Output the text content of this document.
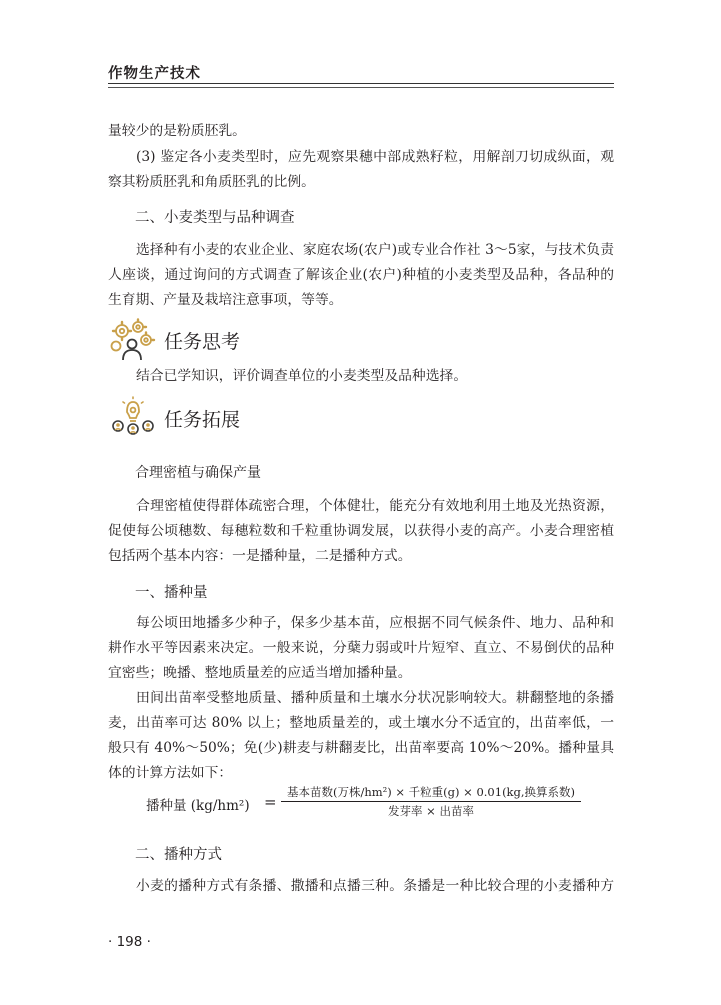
作物生产技术

量较少的是粉质胚乳。

(3) 鉴定各小麦类型时，应先观察果穗中部成熟籽粒，用解剖刀切成纵面，观察其粉质胚乳和角质胚乳的比例。

二、小麦类型与品种调查

选择种有小麦的农业企业、家庭农场(农户)或专业合作社 3～5家，与技术负责人座谈，通过询问的方式调查了解该企业(农户)种植的小麦类型及品种，各品种的生育期、产量及栽培注意事项，等等。

任务思考

结合已学知识，评价调查单位的小麦类型及品种选择。

任务拓展

合理密植与确保产量

合理密植使得群体疏密合理，个体健壮，能充分有效地利用土地及光热资源，促使每公顷穗数、每穗粒数和千粒重协调发展，以获得小麦的高产。小麦合理密植包括两个基本内容：一是播种量，二是播种方式。

一、播种量

每公顷田地播多少种子，保多少基本苗，应根据不同气候条件、地力、品种和耕作水平等因素来决定。一般来说，分蘖力弱或叶片短窄、直立、不易倒伏的品种宜密些；晚播、整地质量差的应适当增加播种量。

田间出苗率受整地质量、播种质量和土壤水分状况影响较大。耕翻整地的条播麦，出苗率可达 80% 以上；整地质量差的，或土壤水分不适宜的，出苗率低，一般只有 40%～50%；免(少)耕麦与耕翻麦比，出苗率要高 10%～20%。播种量具体的计算方法如下：

播种量 (kg/hm²) =
基本苗数(万株/hm²) × 千粒重(g) × 0.01(kg,换算系数)
发芽率 × 出苗率

二、播种方式

小麦的播种方式有条播、撒播和点播三种。条播是一种比较合理的小麦播种方

· 198 ·
